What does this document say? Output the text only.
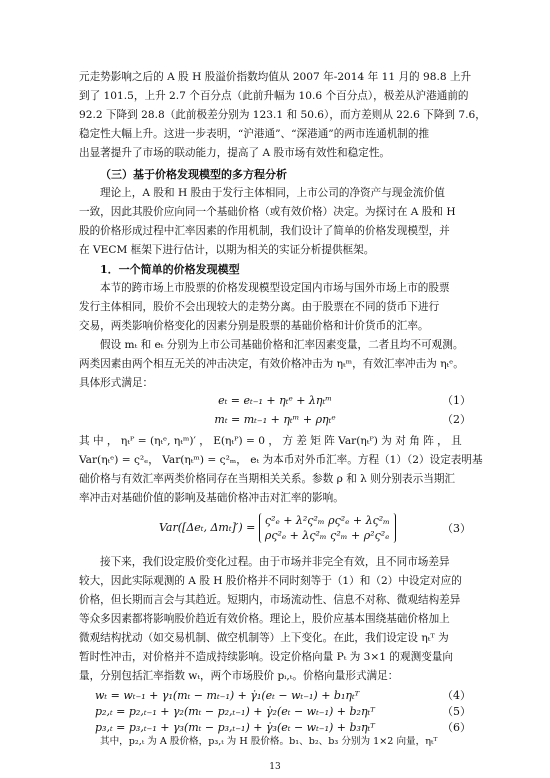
元走势影响之后的 A 股 H 股溢价指数均值从 2007 年-2014 年 11 月的 98.8 上升
到了 101.5，上升 2.7 个百分点（此前升幅为 10.6 个百分点），极差从沪港通前的
92.2 下降到 28.8（此前极差分别为 123.1 和 50.6），而方差则从 22.6 下降到 7.6，
稳定性大幅上升。这进一步表明，“沪港通”、“深港通”的两市连通机制的推
出显著提升了市场的联动能力，提高了 A 股市场有效性和稳定性。
（三）基于价格发现模型的多方程分析
理论上，A 股和 H 股由于发行主体相同，上市公司的净资产与现金流价值
一致，因此其股价应向同一个基础价格（或有效价格）决定。为探讨在 A 股和 H
股的价格形成过程中汇率因素的作用机制，我们设计了简单的价格发现模型，并
在 VECM 框架下进行估计，以期为相关的实证分析提供框架。
1．一个简单的价格发现模型
本节的跨市场上市股票的价格发现模型设定国内市场与国外市场上市的股票
发行主体相同，股价不会出现较大的走势分离。由于股票在不同的货币下进行
交易，两类影响价格变化的因素分别是股票的基础价格和计价货币的汇率。
假设 mₜ 和 eₜ 分别为上市公司基础价格和汇率因素变量，二者且均不可观测。
两类因素由两个相互无关的冲击决定，有效价格冲击为 ηₜᵐ，有效汇率冲击为 ηₜᵉ。
具体形式满足：
eₜ = eₜ₋₁ + ηₜᵉ + ληₜᵐ	（1）
mₜ = mₜ₋₁ + ηₜᵐ + ρηₜᵉ	（2）
其 中 ， ηₜᴾ = (ηₜᵉ, ηₜᵐ)′ ， E(ηₜᴾ) = 0 ， 方 差 矩 阵 Var(ηₜᴾ) 为 对 角 阵 ， 且
Var(ηₜᵉ) = ς²ₑ， Var(ηₜᵐ) = ς²ₘ， eₜ 为本币对外币汇率。方程（1）（2）设定表明基
础价格与有效汇率两类价格同存在当期相关关系。参数 ρ 和 λ 则分别表示当期汇
率冲击对基础价值的影响及基础价格冲击对汇率的影响。
Var([Δeₜ, Δmₜ]′) =
ς²ₑ + λ²ς²ₘ ρς²ₑ + λς²ₘ
ρς²ₑ + λς²ₘ ς²ₘ + ρ²ς²ₑ
（3）
接下来，我们设定股价变化过程。由于市场并非完全有效，且不同市场差异
较大，因此实际观测的 A 股 H 股价格并不同时刻等于（1）和（2）中设定对应的
价格，但长期而言会与其趋近。短期内，市场流动性、信息不对称、微观结构差异
等众多因素都将影响股价趋近有效价格。理论上，股价应基本围绕基础价格加上
微观结构扰动（如交易机制、做空机制等）上下变化。在此，我们设定设 ηₜᵀ 为
暂时性冲击，对价格并不造成持续影响。设定价格向量 Pₜ 为 3×1 的观测变量向
量，分别包括汇率指数 wₜ，两个市场股价 pᵢ,ₜ。价格向量形式满足：
wₜ = wₜ₋₁ + γ₁(mₜ − mₜ₋₁) + γ̇₁(eₜ − wₜ₋₁) + b₁ηₜᵀ	（4）
p₂,ₜ = p₂,ₜ₋₁ + γ₂(mₜ − p₂,ₜ₋₁) + γ̇₂(eₜ − wₜ₋₁) + b₂ηₜᵀ	（5）
p₃,ₜ = p₃,ₜ₋₁ + γ₃(mₜ − p₃,ₜ₋₁) + γ̇₃(eₜ − wₜ₋₁) + b₃ηₜᵀ	（6）
其中，p₂,ₜ 为 A 股价格，p₃,ₜ 为 H 股价格。b₁、b₂、b₃ 分别为 1×2 向量，ηₜᵀ
13
